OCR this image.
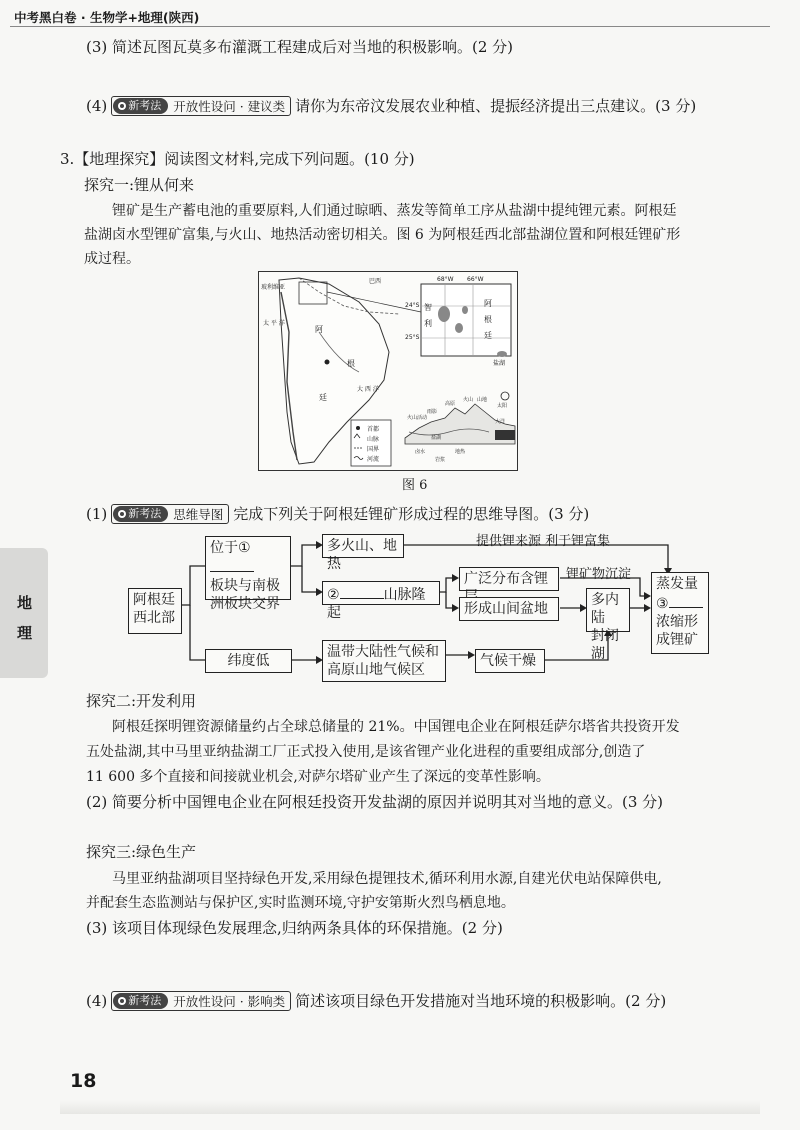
中考黑白卷 · 生物学+地理(陕西)
(3) 简述瓦图瓦莫多布灌溉工程建成后对当地的积极影响。(2 分)
(4) 新考法 开放性设问 · 建议类 请你为东帝汶发展农业种植、提振经济提出三点建议。(3 分)
3.【地理探究】阅读图文材料,完成下列问题。(10 分)
探究一:锂从何来
锂矿是生产蓄电池的重要原料,人们通过晾晒、蒸发等简单工序从盐湖中提纯锂元素。阿根廷
盐湖卤水型锂矿富集,与火山、地热活动密切相关。图 6 为阿根廷西北部盐湖位置和阿根廷锂矿形
成过程。
玻利维亚
巴西
大 西 洋
太 平 洋
阿
根
廷
24°S
25°S
68°W 66°W
智
利
阿
根
廷
盐湖
首都
山脉
国界
河流
太阳
火山
火山活动
雨影
高原
盐湖
卤水	地热
岩浆
山地
大洋
图 6
(1) 新考法 思维导图 完成下列关于阿根廷锂矿形成过程的思维导图。(3 分)
阿根廷
西北部
位于①
板块与南极
洲板块交界
多火山、地热
提供锂来源 利于锂富集
②	山脉隆起
广泛分布含锂	锂矿物沉淀
形成山间盆地
多内陆
封闭湖
蒸发量
③
浓缩形
成锂矿
纬度低
温带大陆性气候和
高原山地气候区
气候干燥
探究二:开发利用
阿根廷探明锂资源储量约占全球总储量的 21%。中国锂电企业在阿根廷萨尔塔省共投资开发
五处盐湖,其中马里亚纳盐湖工厂正式投入使用,是该省锂产业化进程的重要组成部分,创造了
11 600 多个直接和间接就业机会,对萨尔塔矿业产生了深远的变革性影响。
(2) 简要分析中国锂电企业在阿根廷投资开发盐湖的原因并说明其对当地的意义。(3 分)
探究三:绿色生产
马里亚纳盐湖项目坚持绿色开发,采用绿色提锂技术,循环利用水源,自建光伏电站保障供电,
并配套生态监测站与保护区,实时监测环境,守护安第斯火烈鸟栖息地。
(3) 该项目体现绿色发展理念,归纳两条具体的环保措施。(2 分)
(4) 新考法 开放性设问 · 影响类 简述该项目绿色开发措施对当地环境的积极影响。(2 分)
地
理
18
